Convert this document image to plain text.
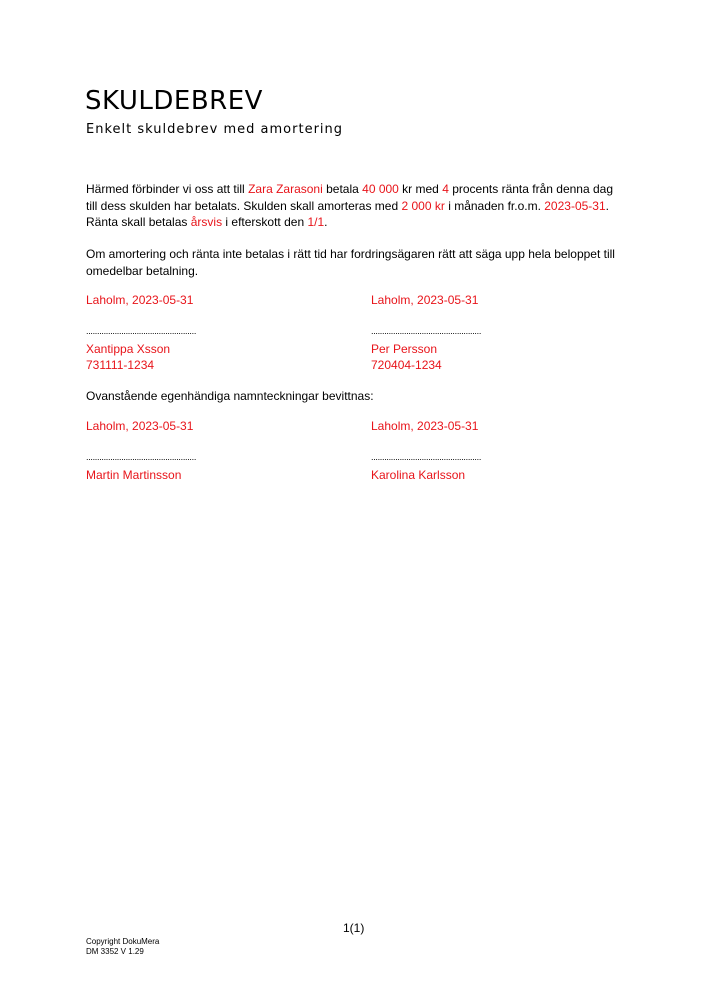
SKULDEBREV
Enkelt skuldebrev med amortering
Härmed förbinder vi oss att till Zara Zarasoni betala 40 000 kr med 4 procents ränta från denna dag till dess skulden har betalats. Skulden skall amorteras med 2 000 kr i månaden fr.o.m. 2023-05-31. Ränta skall betalas årsvis i efterskott den 1/1.
Om amortering och ränta inte betalas i rätt tid har fordringsägaren rätt att säga upp hela beloppet till omedelbar betalning.
Laholm, 2023-05-31	Laholm, 2023-05-31
..................................................	..................................................
Xantippa Xsson	Per Persson
731111-1234	720404-1234
Ovanstående egenhändiga namnteckningar bevittnas:
Laholm, 2023-05-31	Laholm, 2023-05-31
..................................................	..................................................
Martin Martinsson	Karolina Karlsson
1(1)
Copyright DokuMera
DM 3352 V 1.29
